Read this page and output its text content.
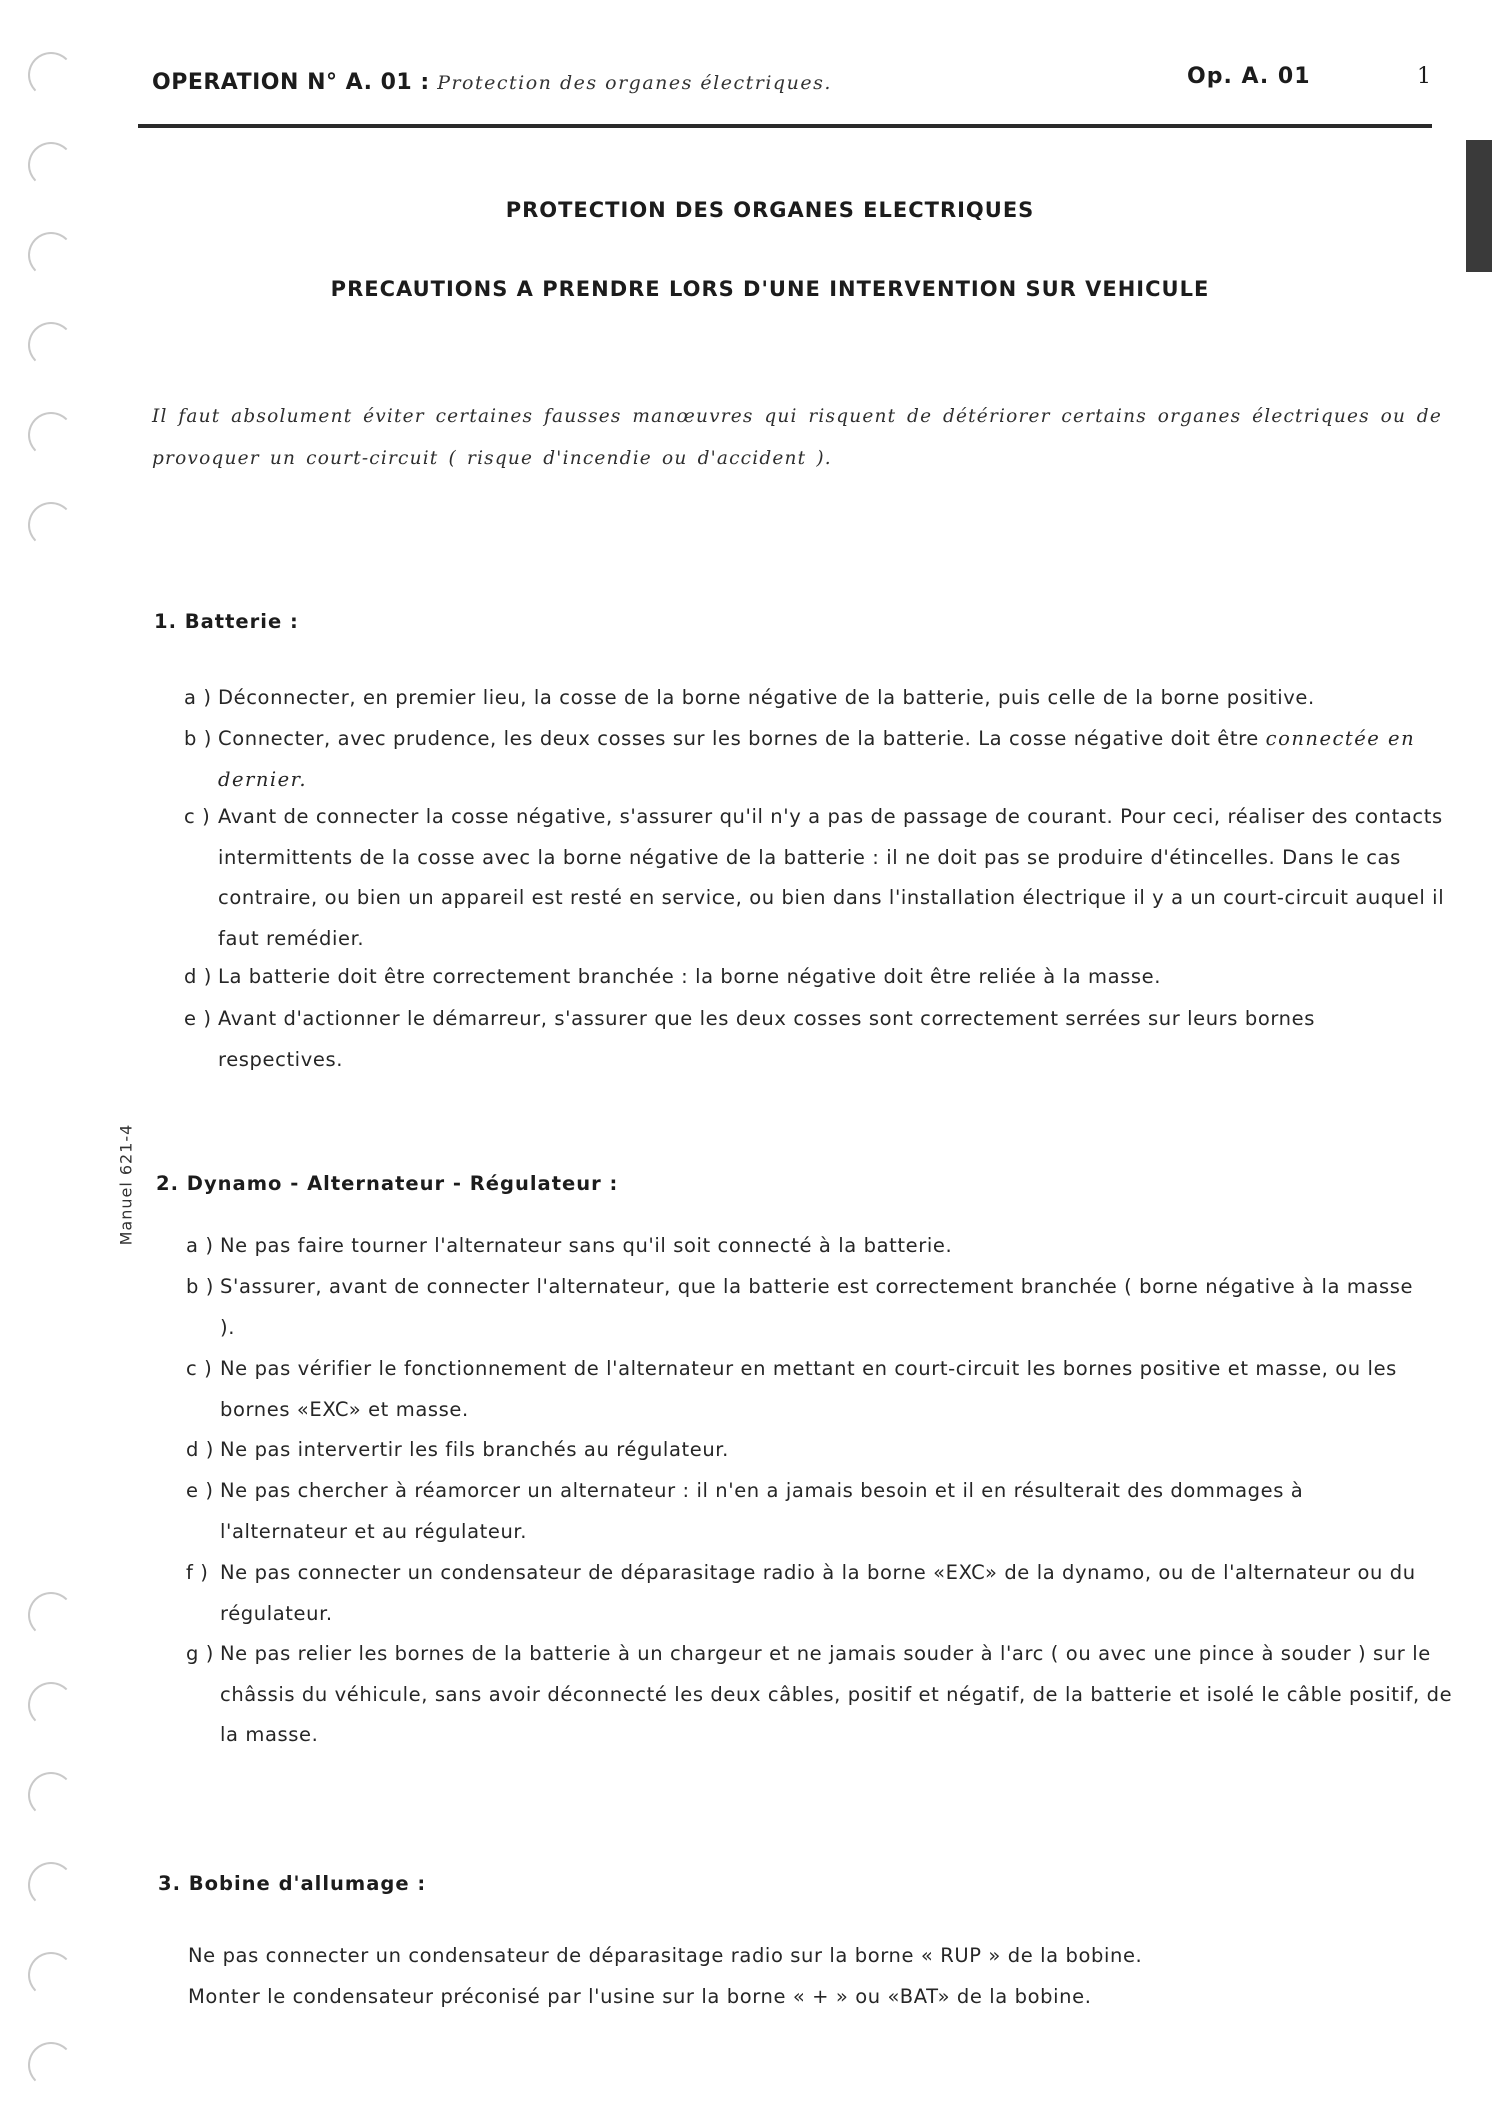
OPERATION N° A. 01 : Protection des organes électriques.	Op. A. 01	1
PROTECTION DES ORGANES ELECTRIQUES
PRECAUTIONS A PRENDRE LORS D'UNE INTERVENTION SUR VEHICULE
Il faut absolument éviter certaines fausses manœuvres qui risquent de détériorer certains organes électriques ou de provoquer un court-circuit ( risque d'incendie ou d'accident ).
Manuel 621-4
1. Batterie :
a ) Déconnecter, en premier lieu, la cosse de la borne négative de la batterie, puis celle de la borne positive.
b ) Connecter, avec prudence, les deux cosses sur les bornes de la batterie. La cosse négative doit être connectée en dernier.
c ) Avant de connecter la cosse négative, s'assurer qu'il n'y a pas de passage de courant. Pour ceci, réaliser des contacts intermittents de la cosse avec la borne négative de la batterie : il ne doit pas se produire d'étincelles. Dans le cas contraire, ou bien un appareil est resté en service, ou bien dans l'installation électrique il y a un court-circuit auquel il faut remédier.
d ) La batterie doit être correctement branchée : la borne négative doit être reliée à la masse.
e ) Avant d'actionner le démarreur, s'assurer que les deux cosses sont correctement serrées sur leurs bornes respectives.
2. Dynamo - Alternateur - Régulateur :
a ) Ne pas faire tourner l'alternateur sans qu'il soit connecté à la batterie.
b ) S'assurer, avant de connecter l'alternateur, que la batterie est correctement branchée ( borne négative à la masse ).
c ) Ne pas vérifier le fonctionnement de l'alternateur en mettant en court-circuit les bornes positive et masse, ou les bornes «EXC» et masse.
d ) Ne pas intervertir les fils branchés au régulateur.
e ) Ne pas chercher à réamorcer un alternateur : il n'en a jamais besoin et il en résulterait des dommages à l'alternateur et au régulateur.
f ) Ne pas connecter un condensateur de déparasitage radio à la borne «EXC» de la dynamo, ou de l'alternateur ou du régulateur.
g ) Ne pas relier les bornes de la batterie à un chargeur et ne jamais souder à l'arc ( ou avec une pince à souder ) sur le châssis du véhicule, sans avoir déconnecté les deux câbles, positif et négatif, de la batterie et isolé le câble positif, de la masse.
3. Bobine d'allumage :
Ne pas connecter un condensateur de déparasitage radio sur la borne « RUP » de la bobine.
Monter le condensateur préconisé par l'usine sur la borne « + » ou «BAT» de la bobine.
